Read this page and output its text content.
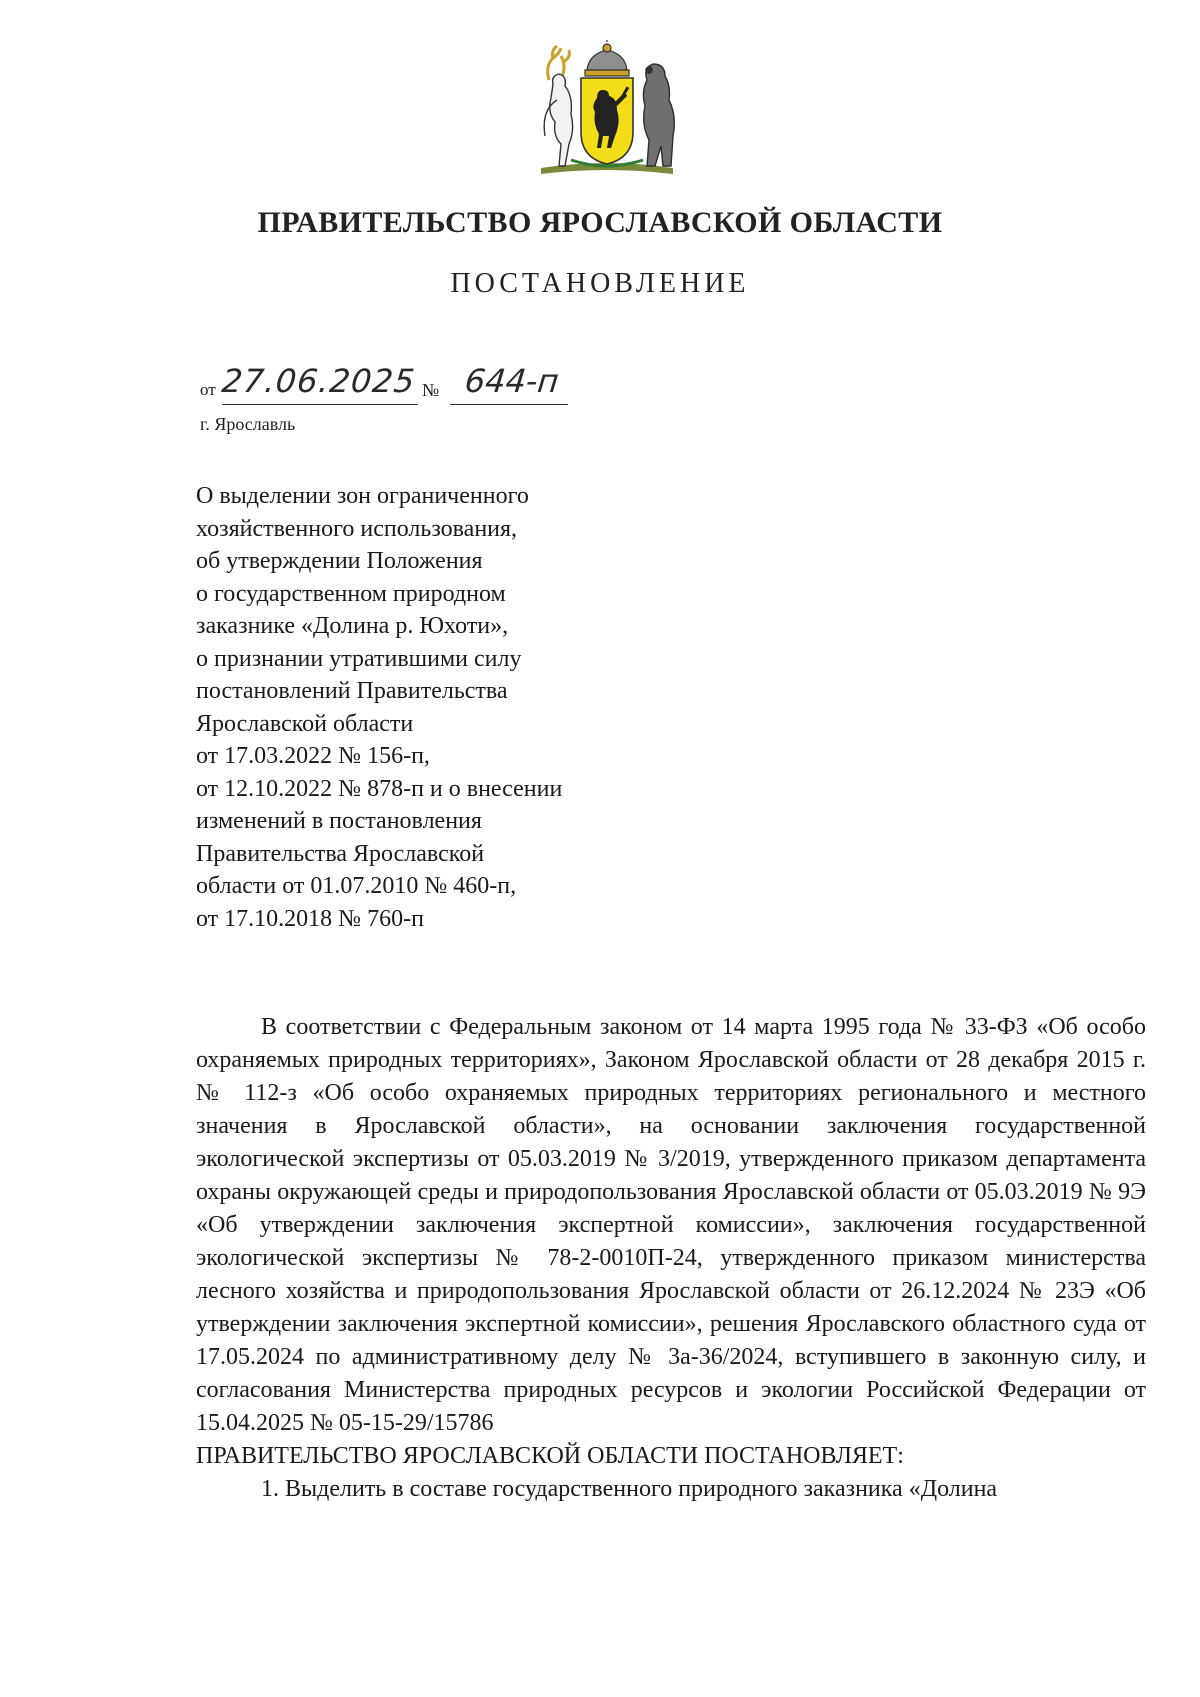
ПРАВИТЕЛЬСТВО ЯРОСЛАВСКОЙ ОБЛАСТИ
ПОСТАНОВЛЕНИЕ
от 27.06.2025 № 644-п
г. Ярославль
О выделении зон ограниченного
хозяйственного использования,
об утверждении Положения
о государственном природном
заказнике «Долина р. Юхоти»,
о признании утратившими силу
постановлений Правительства
Ярославской области
от 17.03.2022 № 156-п,
от 12.10.2022 № 878-п и о внесении
изменений в постановления
Правительства Ярославской
области от 01.07.2010 № 460-п,
от 17.10.2018 № 760-п

В соответствии с Федеральным законом от 14 марта 1995 года № 33-ФЗ «Об особо охраняемых природных территориях», Законом Ярославской области от 28 декабря 2015 г. № 112-з «Об особо охраняемых природных территориях регионального и местного значения в Ярославской области», на основании заключения государственной экологической экспертизы от 05.03.2019 № 3/2019, утвержденного приказом департамента охраны окружающей среды и природопользования Ярославской области от 05.03.2019 № 9Э «Об утверждении заключения экспертной комиссии», заключения государственной экологической экспертизы № 78-2-0010П-24, утвержденного приказом министерства лесного хозяйства и природопользования Ярославской области от 26.12.2024 № 23Э «Об утверждении заключения экспертной комиссии», решения Ярославского областного суда от 17.05.2024 по административному делу № 3а-36/2024, вступившего в законную силу, и согласования Министерства природных ресурсов и экологии Российской Федерации от 15.04.2025 № 05-15-29/15786

ПРАВИТЕЛЬСТВО ЯРОСЛАВСКОЙ ОБЛАСТИ ПОСТАНОВЛЯЕТ:

1. Выделить в составе государственного природного заказника «Долина
